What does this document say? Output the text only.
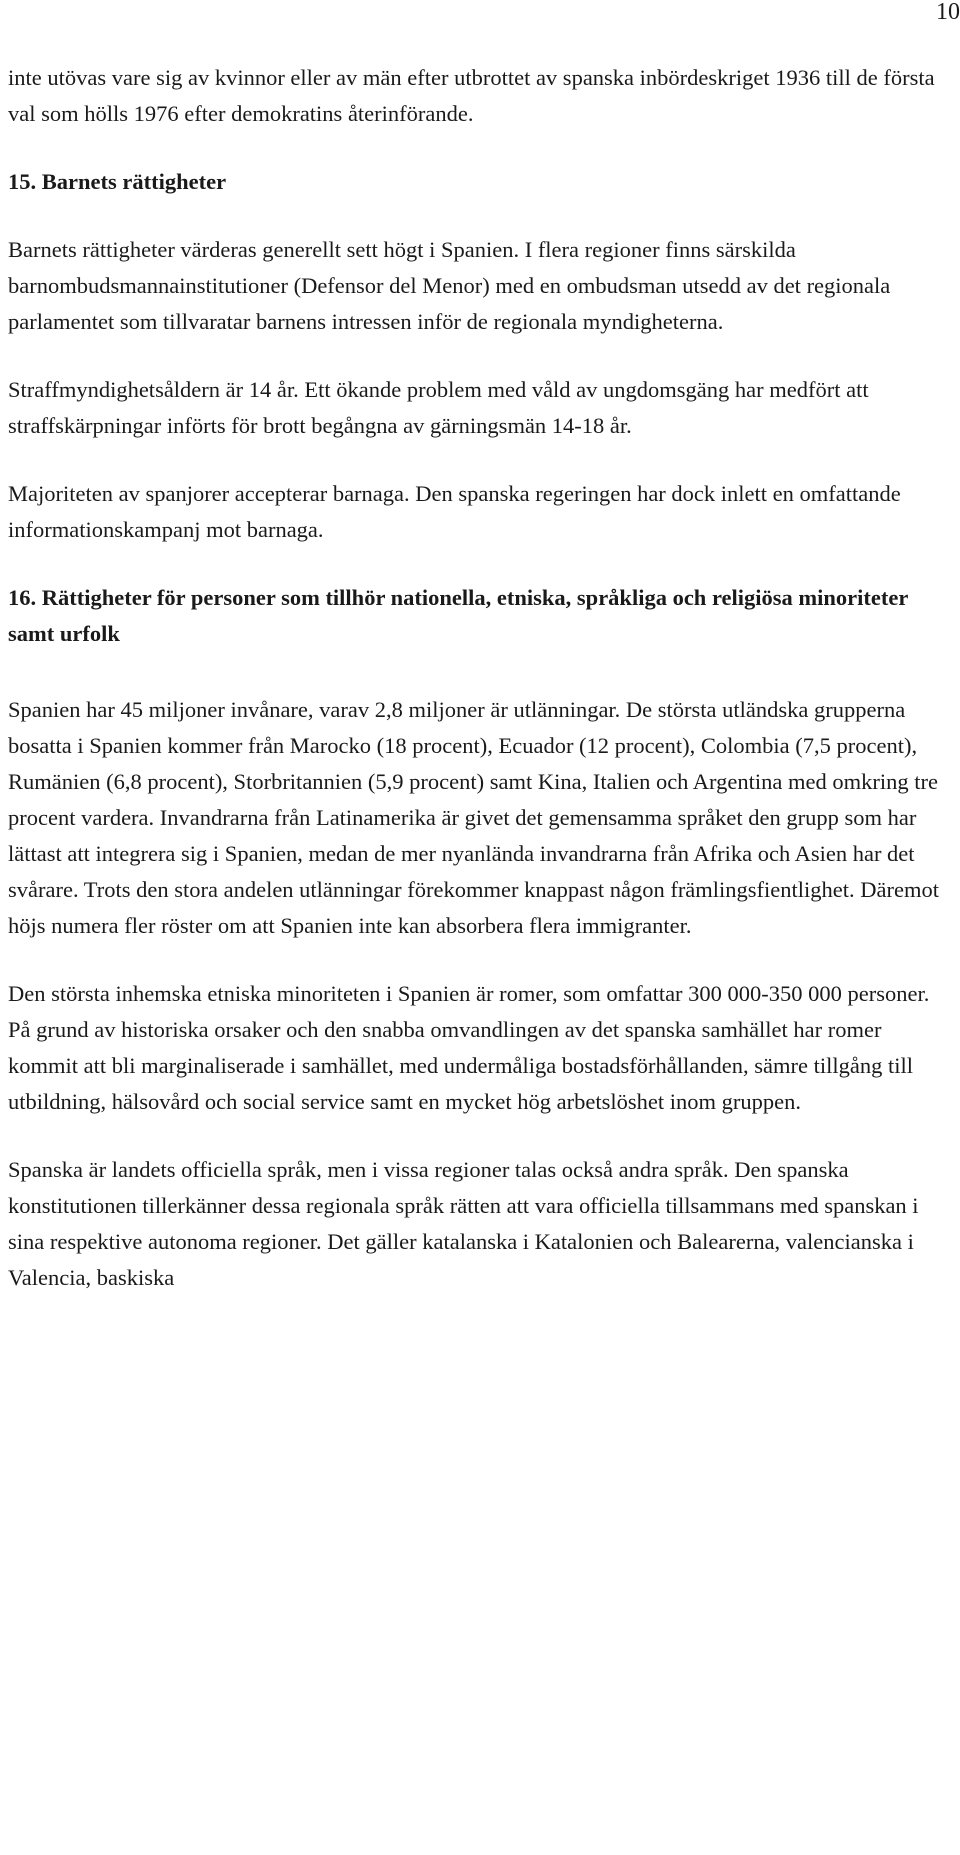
10

inte utövas vare sig av kvinnor eller av män efter utbrottet av spanska inbördeskriget 1936 till de första val som hölls 1976 efter demokratins återinförande.

15. Barnets rättigheter

Barnets rättigheter värderas generellt sett högt i Spanien. I flera regioner finns särskilda barnombudsmannainstitutioner (Defensor del Menor) med en ombudsman utsedd av det regionala parlamentet som tillvaratar barnens intressen inför de regionala myndigheterna.

Straffmyndighetsåldern är 14 år. Ett ökande problem med våld av ungdomsgäng har medfört att straffskärpningar införts för brott begångna av gärningsmän 14-18 år.

Majoriteten av spanjorer accepterar barnaga. Den spanska regeringen har dock inlett en omfattande informationskampanj mot barnaga.

16. Rättigheter för personer som tillhör nationella, etniska, språkliga och religiösa minoriteter samt urfolk

Spanien har 45 miljoner invånare, varav 2,8 miljoner är utlänningar. De största utländska grupperna bosatta i Spanien kommer från Marocko (18 procent), Ecuador (12 procent), Colombia (7,5 procent), Rumänien (6,8 procent), Storbritannien (5,9 procent) samt Kina, Italien och Argentina med omkring tre procent vardera. Invandrarna från Latinamerika är givet det gemensamma språket den grupp som har lättast att integrera sig i Spanien, medan de mer nyanlända invandrarna från Afrika och Asien har det svårare. Trots den stora andelen utlänningar förekommer knappast någon främlingsfientlighet. Däremot höjs numera fler röster om att Spanien inte kan absorbera flera immigranter.

Den största inhemska etniska minoriteten i Spanien är romer, som omfattar 300 000-350 000 personer. På grund av historiska orsaker och den snabba omvandlingen av det spanska samhället har romer kommit att bli marginaliserade i samhället, med undermåliga bostadsförhållanden, sämre tillgång till utbildning, hälsovård och social service samt en mycket hög arbetslöshet inom gruppen.

Spanska är landets officiella språk, men i vissa regioner talas också andra språk. Den spanska konstitutionen tillerkänner dessa regionala språk rätten att vara officiella tillsammans med spanskan i sina respektive autonoma regioner. Det gäller katalanska i Katalonien och Balearerna, valencianska i Valencia, baskiska
